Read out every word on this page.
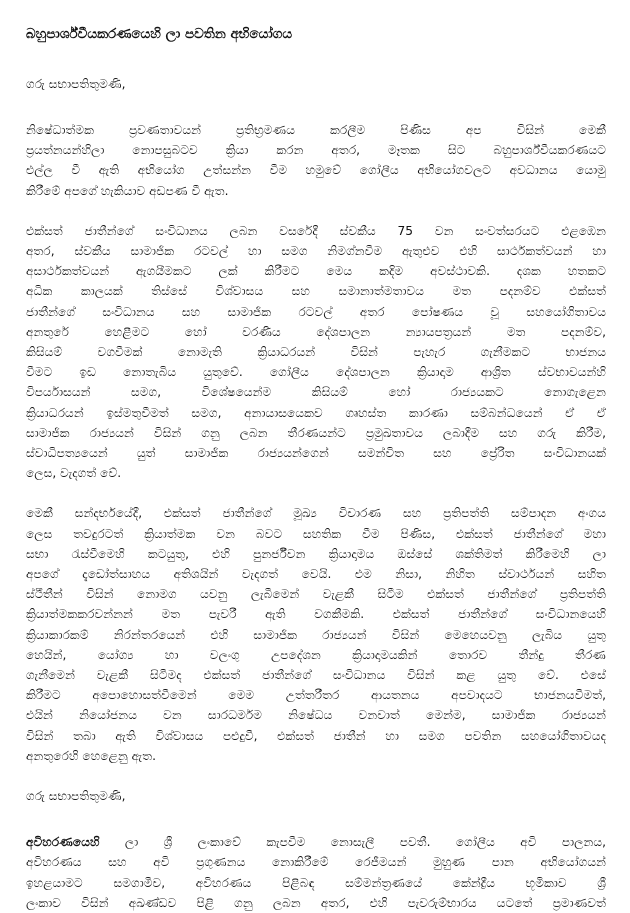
බහුපාර්ශ්වීයකරණයෙහි ලා පවතින අභියෝගය
ගරු සභාපතිතුමණි,
නිෂේධාත්මක ප්‍රවණතාවයන් ප්‍රතිභ්‍රමණය කරලීම පිණිස අප විසින් මෙකී
ප්‍රයත්නයන්හිලා නොපසුබටව ක්‍රියා කරන අතර, මෑතක සිට බහුපාර්ශ්වීයකරණයට
එල්ල වී ඇති අභියෝග උත්සන්න වීම හමුවේ ගෝලීය අභියෝගවලට අවධානය යොමු
කිරීමේ අපගේ හැකියාව අඩපණ වී ඇත.
එක්සත් ජාතීන්ගේ සංවිධානය ලබන වසරේදී ස්වකීය 75 වන සංවත්සරයට එළඹෙන
අතර, ස්වකීය සාමාජික රටවල් හා සමග නිමග්නවීම ඇතුළුව එහි සාර්ථකත්වයන් හා
අසාර්ථකත්වයන් ඇගයීමකට ලක් කිරීමට මෙය කදිම අවස්ථාවකි. දශක හතකට
අධික කාලයක් තිස්සේ විශ්වාසය සහ සමානාත්මතාවය මත පදනම්ව එක්සත්
ජාතීන්ගේ සංවිධානය සහ සාමාජික රටවල් අතර පෝෂණය වූ සහයෝගිතාවය
අනතුරේ හෙළීමට හෝ වරණීය දේශපාලන න්‍යායපත්‍රයන් මත පදනම්ව,
කිසියම් වගවීමක් නොමැති ක්‍රියාධරයන් විසින් පැහැර ගැනීමකට භාජනය
වීමට ඉඩ නොතැබිය යුතුවේ. ගෝලීය දේශපාලන ක්‍රියාදාම ආශ්‍රිත ස්වභාවයන්හි
විපර්යාසයන් සමග, විශේෂයෙන්ම කිසියම් හෝ රාජ්‍යයකට නොගැළෙන
ක්‍රියාධරයන් ඉස්මතුවීමත් සමග, අනායාසයෙකව ගෘහස්ත කාරණා සම්බන්ධයෙන් ඒ ඒ
සාමාජික රාජ්‍යයන් විසින් ගනු ලබන තීරණයන්ට ප්‍රමුඛතාවය ලබාදීම සහ ගරු කිරීම,
ස්වාධිපත්‍යයෙන් යුත් සාමාජික රාජ්‍යයන්ගෙන් සමන්විත සහ ප්‍රේරිත සංවිධානයක්
ලෙස, වැදගත් වේ.
මෙකී සන්දර්භයේදී, එක්සත් ජාතීන්ගේ මූඛ්‍ය විචාරණ සහ ප්‍රතිපත්ති සම්පාදන අංගය
ලෙස තවදුරටත් ක්‍රියාත්මක වන බවට සහතික වීම පිණිස, එක්සත් ජාතීන්ගේ මහා
සභා රැස්වීමෙහි කටයුතු, එහි පුනර්ජීවන ක්‍රියාදාමය ඔස්සේ ශක්තිමත් කිරීමෙහි ලා
අපගේ දැඩෝත්සාහය අතිශයින් වැදගත් වෙයි. එම නිසා, නිහිත ස්වාර්ථයන් සහිත
ස්ථීතීන් විසින් නොමග යවනු ලැබීමෙන් වැළකී සිටීම එක්සත් ජාතීන්ගේ ප්‍රතිපත්ති
ක්‍රියාත්මකකරවන්නන් මත පැවරී ඇති වගකීමකි. එක්සත් ජාතීන්ගේ සංවිධානයෙහි
ක්‍රියාකාරකම් නිරන්තරයෙන් එහි සාමාජික රාජ්‍යයන් විසින් මෙහෙයවනු ලැබිය යුතු
හෙයින්, යෝග්‍ය හා වලංගු උපදේශන ක්‍රියාදාමයකින් තොරව තීන්දු තීරණ
ගැනීමෙන් වැළකී සිටීමද එක්සත් ජාතීන්ගේ සංවිධානය විසින් කළ යුතු වේ. එසේ
කිරීමට අපොහොසත්වීමෙන් මෙම උත්තරීතර ආයතනය අපවාදයට භාජනයවීමත්,
එයින් නියෝජනය වන සාරධර්මම නිෂේධය වනවාත් මෙන්ම, සාමාජික රාජ්‍යයන්
විසින් තබා ඇති විශ්වාසය පළුදුවී, එක්සත් ජාතීන් හා සමග පවතින සහයෝගිතාවයද
අනතුරෙහි හෙළෙනු ඇත.
ගරු සභාපතිතුමණි,
අවිහරණයෙහි ලා ශ්‍රී ලංකාවේ කැපවීම නොසැලී පවතී. ගෝලීය අවි පාලනය,
අවිහරණය සහ අවි ප්‍රගුණනය නොකිරීමේ රෙජීමයන් මුහුණ පාන අභියෝගයන්
ඉහළයාමට සමගාමීව, අවිහරණය පිළිබඳ සම්මන්ත්‍රණයේ කේන්ද්‍රීය භූමිකාව ශ්‍රී
ලංකාව විසින් අඛණ්ඩව පිළි ගනු ලබන අතර, එහි පැවරුම්භාරය යටතේ ප්‍රමාණවත්
